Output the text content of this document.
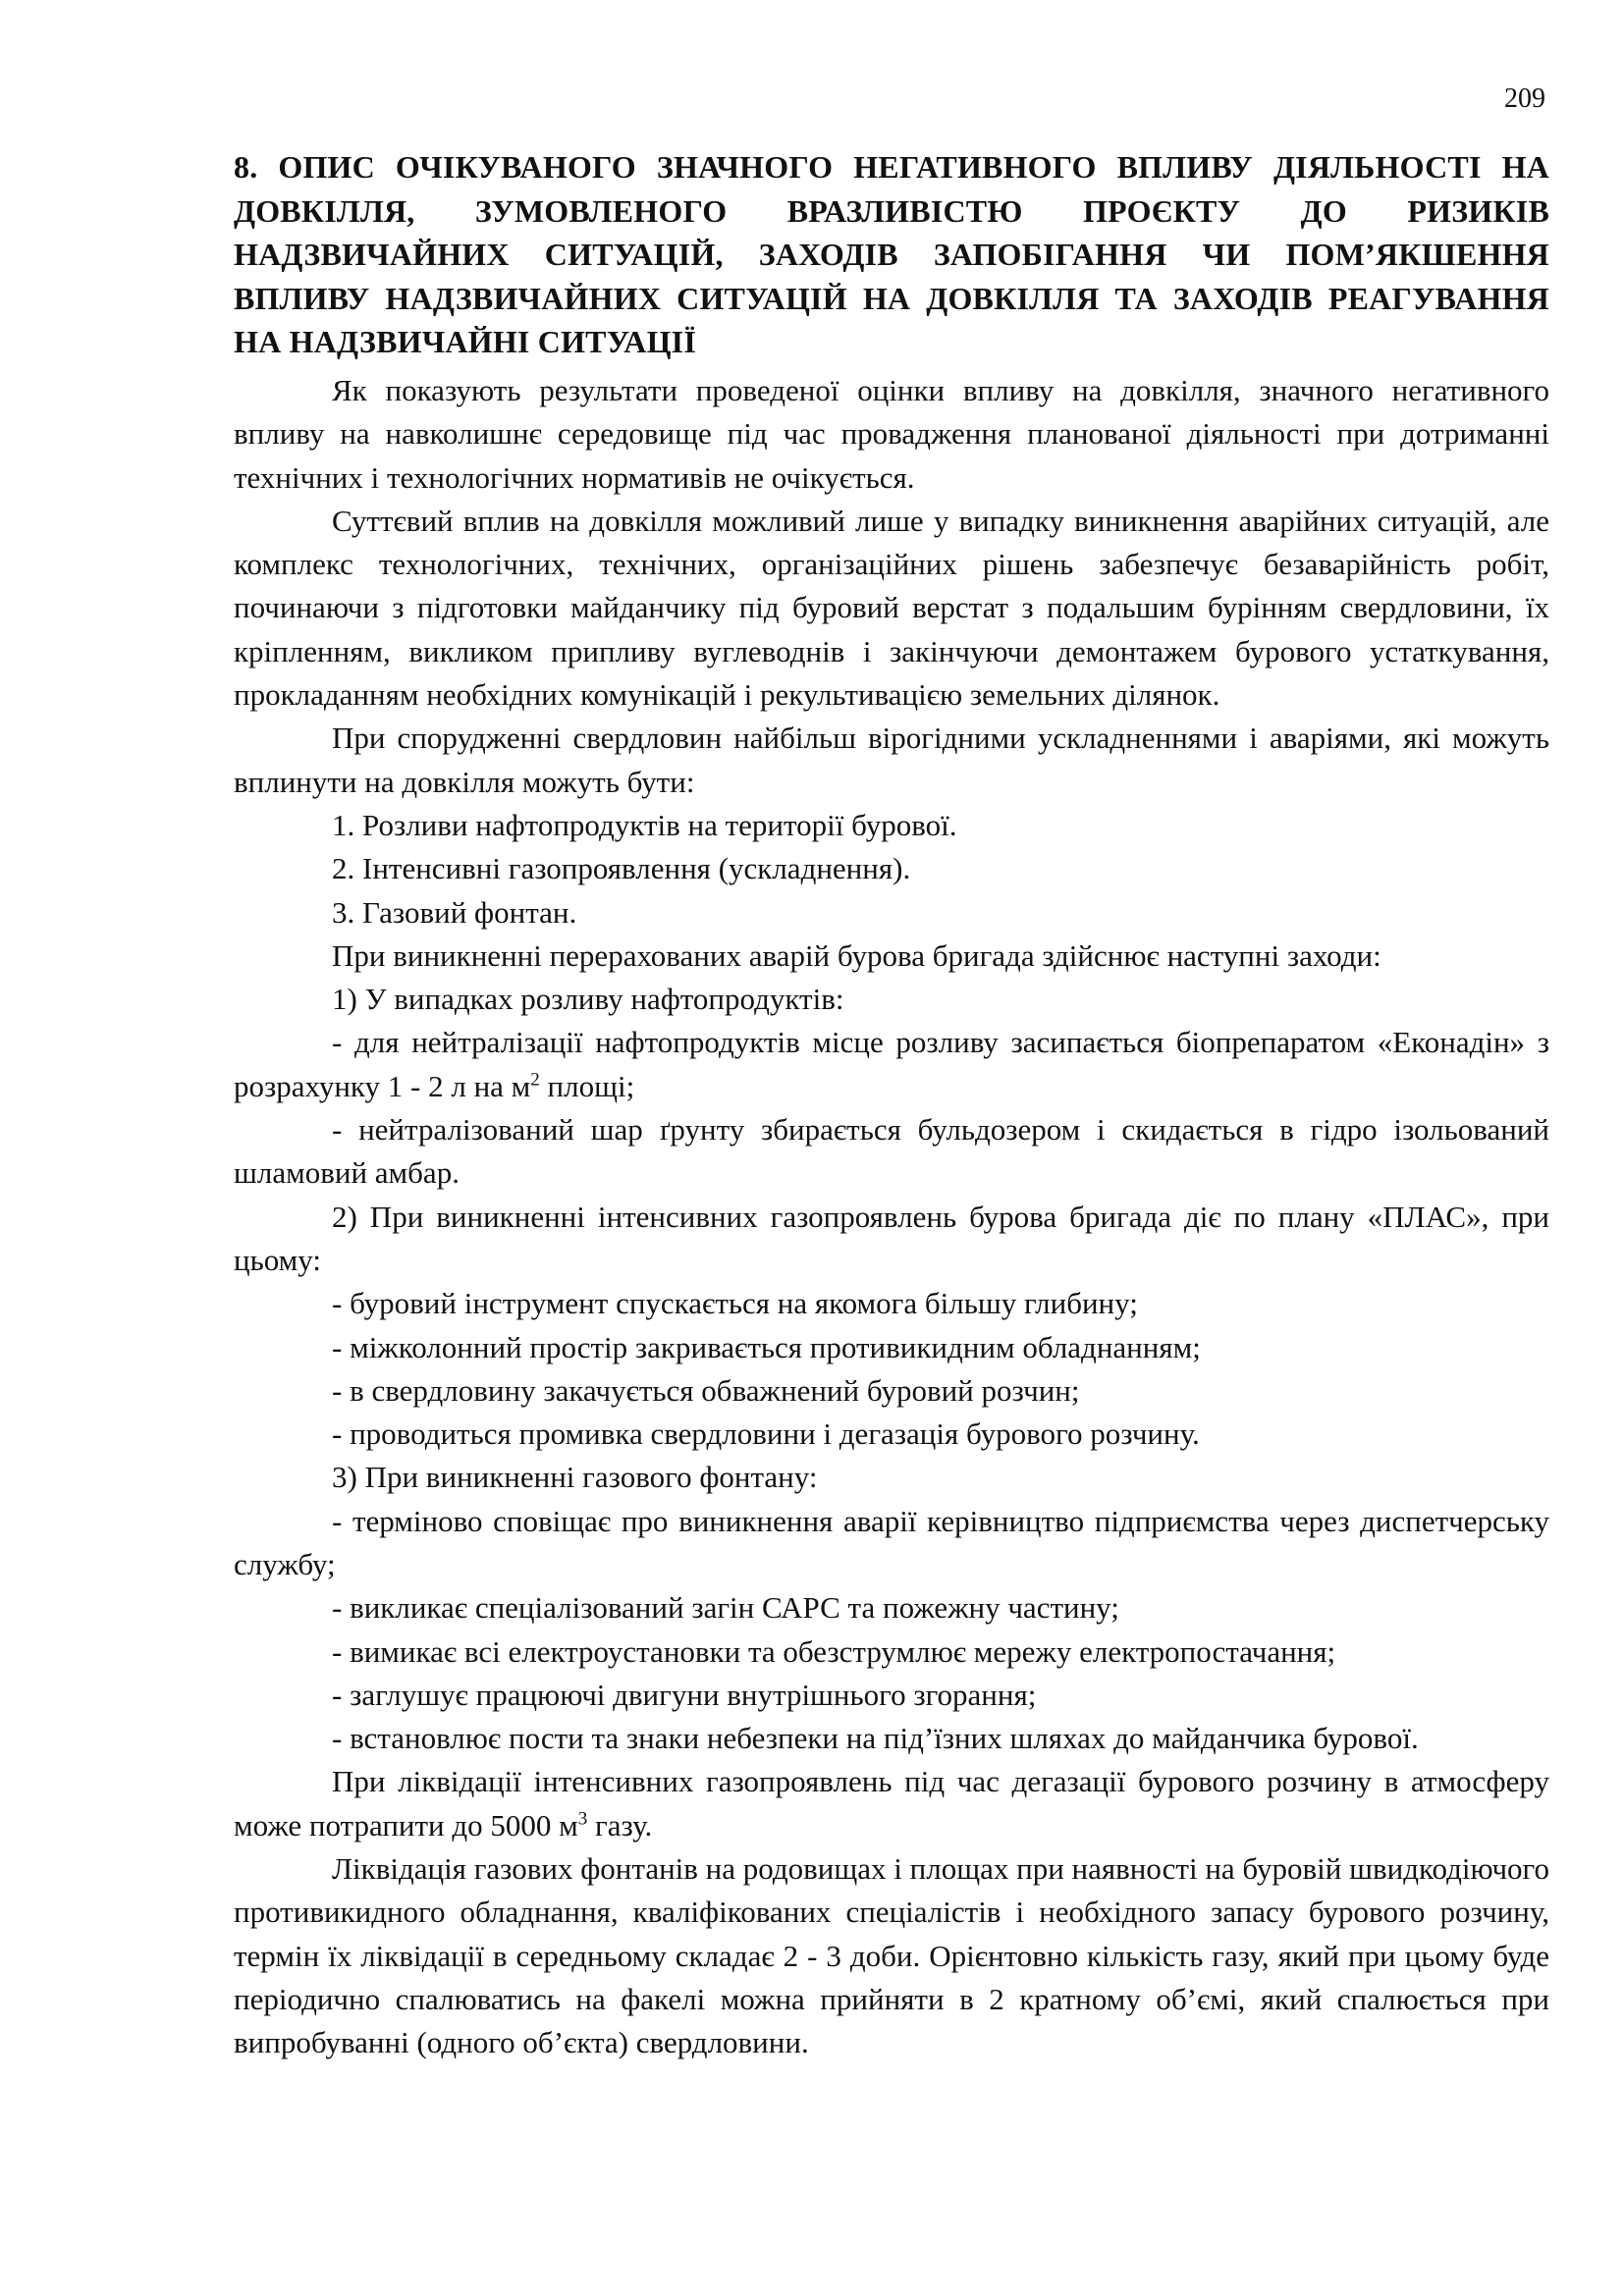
209
8. ОПИС ОЧІКУВАНОГО ЗНАЧНОГО НЕГАТИВНОГО ВПЛИВУ ДІЯЛЬНОСТІ НА ДОВКІЛЛЯ, ЗУМОВЛЕНОГО ВРАЗЛИВІСТЮ ПРОЄКТУ ДО РИЗИКІВ НАДЗВИЧАЙНИХ СИТУАЦІЙ, ЗАХОДІВ ЗАПОБІГАННЯ ЧИ ПОМ’ЯКШЕННЯ ВПЛИВУ НАДЗВИЧАЙНИХ СИТУАЦІЙ НА ДОВКІЛЛЯ ТА ЗАХОДІВ РЕАГУВАННЯ НА НАДЗВИЧАЙНІ СИТУАЦІЇ

Як показують результати проведеної оцінки впливу на довкілля, значного негативного впливу на навколишнє середовище під час провадження планованої діяльності при дотриманні технічних і технологічних нормативів не очікується.

Суттєвий вплив на довкілля можливий лише у випадку виникнення аварійних ситуацій, але комплекс технологічних, технічних, організаційних рішень забезпечує безаварійність робіт, починаючи з підготовки майданчику під буровий верстат з подальшим бурінням свердловини, їх кріпленням, викликом припливу вуглеводнів і закінчуючи демонтажем бурового устаткування, прокладанням необхідних комунікацій і рекультивацією земельних ділянок.

При спорудженні свердловин найбільш вірогідними ускладненнями і аваріями, які можуть вплинути на довкілля можуть бути:

1. Розливи нафтопродуктів на території бурової.

2. Інтенсивні газопроявлення (ускладнення).

3. Газовий фонтан.

При виникненні перерахованих аварій бурова бригада здійснює наступні заходи:

1) У випадках розливу нафтопродуктів:

- для нейтралізації нафтопродуктів місце розливу засипається біопрепаратом «Еконадін» з розрахунку 1 - 2 л на $м^2$ площі;

- нейтралізований шар ґрунту збирається бульдозером і скидається в гідро ізольований шламовий амбар.

2) При виникненні інтенсивних газопроявлень бурова бригада діє по плану «ПЛАС», при цьому:

- буровий інструмент спускається на якомога більшу глибину;

- міжколонний простір закривається противикидним обладнанням;

- в свердловину закачується обважнений буровий розчин;

- проводиться промивка свердловини і дегазація бурового розчину.

3) При виникненні газового фонтану:

- терміново сповіщає про виникнення аварії керівництво підприємства через диспетчерську службу;

- викликає спеціалізований загін САРС та пожежну частину;

- вимикає всі електроустановки та обезструмлює мережу електропостачання;

- заглушує працюючі двигуни внутрішнього згорання;

- встановлює пости та знаки небезпеки на під’їзних шляхах до майданчика бурової.

При ліквідації інтенсивних газопроявлень під час дегазації бурового розчину в атмосферу може потрапити до 5000 $м^3$ газу.

Ліквідація газових фонтанів на родовищах і площах при наявності на буровій швидкодіючого противикидного обладнання, кваліфікованих спеціалістів і необхідного запасу бурового розчину, термін їх ліквідації в середньому складає 2 - 3 доби. Орієнтовно кількість газу, який при цьому буде періодично спалюватись на факелі можна прийняти в 2 кратному об’ємі, який спалюється при випробуванні (одного об’єкта) свердловини.
